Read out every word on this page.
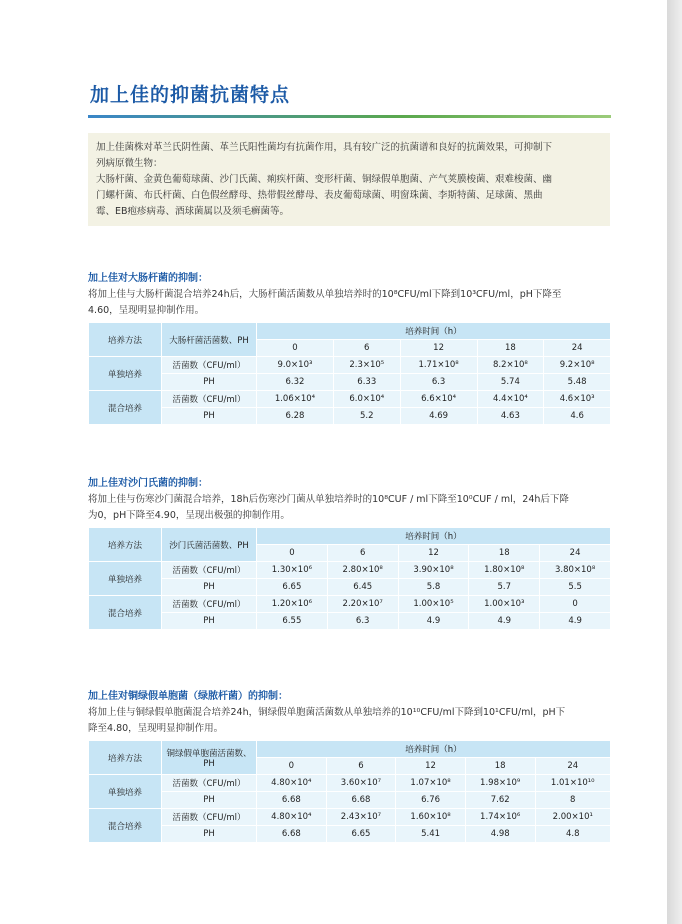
加上佳的抑菌抗菌特点
加上佳菌株对革兰氏阴性菌、革兰氏阳性菌均有抗菌作用，具有较广泛的抗菌谱和良好的抗菌效果，可抑制下
列病原微生物：
大肠杆菌、金黄色葡萄球菌、沙门氏菌、痢疾杆菌、变形杆菌、铜绿假单胞菌、产气荚膜梭菌、艰难梭菌、幽
门螺杆菌、布氏杆菌、白色假丝酵母、热带假丝酵母、表皮葡萄球菌、明窗珠菌、李斯特菌、足球菌、黑曲
霉、EB疱疹病毒、酒球菌属以及须毛癣菌等。
加上佳对大肠杆菌的抑制：
将加上佳与大肠杆菌混合培养24h后，大肠杆菌活菌数从单独培养时的10⁸CFU/ml下降到10³CFU/ml，pH下降至
4.60，呈现明显抑制作用。
培养方法	大肠杆菌活菌数、PH	培养时间（h）				
		0	6	12	18	24
单独培养	活菌数（CFU/ml）	9.0×10³	2.3×10⁵	1.71×10⁸	8.2×10⁸	9.2×10⁸
	PH	6.32	6.33	6.3	5.74	5.48
混合培养	活菌数（CFU/ml）	1.06×10⁴	6.0×10⁴	6.6×10⁴	4.4×10⁴	4.6×10³
	PH	6.28	5.2	4.69	4.63	4.6
加上佳对沙门氏菌的抑制：
将加上佳与伤寒沙门菌混合培养，18h后伤寒沙门菌从单独培养时的10⁸CUF / ml下降至10⁰CUF / ml，24h后下降
为0，pH下降至4.90，呈现出极强的抑制作用。
培养方法	沙门氏菌活菌数、PH	培养时间（h）				
		0	6	12	18	24
单独培养	活菌数（CFU/ml）	1.30×10⁶	2.80×10⁸	3.90×10⁸	1.80×10⁸	3.80×10⁸
	PH	6.65	6.45	5.8	5.7	5.5
混合培养	活菌数（CFU/ml）	1.20×10⁶	2.20×10⁷	1.00×10⁵	1.00×10³	0
	PH	6.55	6.3	4.9	4.9	4.9
加上佳对铜绿假单胞菌（绿脓杆菌）的抑制：
将加上佳与铜绿假单胞菌混合培养24h，铜绿假单胞菌活菌数从单独培养的10¹⁰CFU/ml下降到10¹CFU/ml，pH下
降至4.80，呈现明显抑制作用。
培养方法	铜绿假单胞菌活菌数、PH	培养时间（h）				
		0	6	12	18	24
单独培养	活菌数（CFU/ml）	4.80×10⁴	3.60×10⁷	1.07×10⁸	1.98×10⁹	1.01×10¹⁰
	PH	6.68	6.68	6.76	7.62	8
混合培养	活菌数（CFU/ml）	4.80×10⁴	2.43×10⁷	1.60×10⁸	1.74×10⁶	2.00×10¹
	PH	6.68	6.65	5.41	4.98	4.8
